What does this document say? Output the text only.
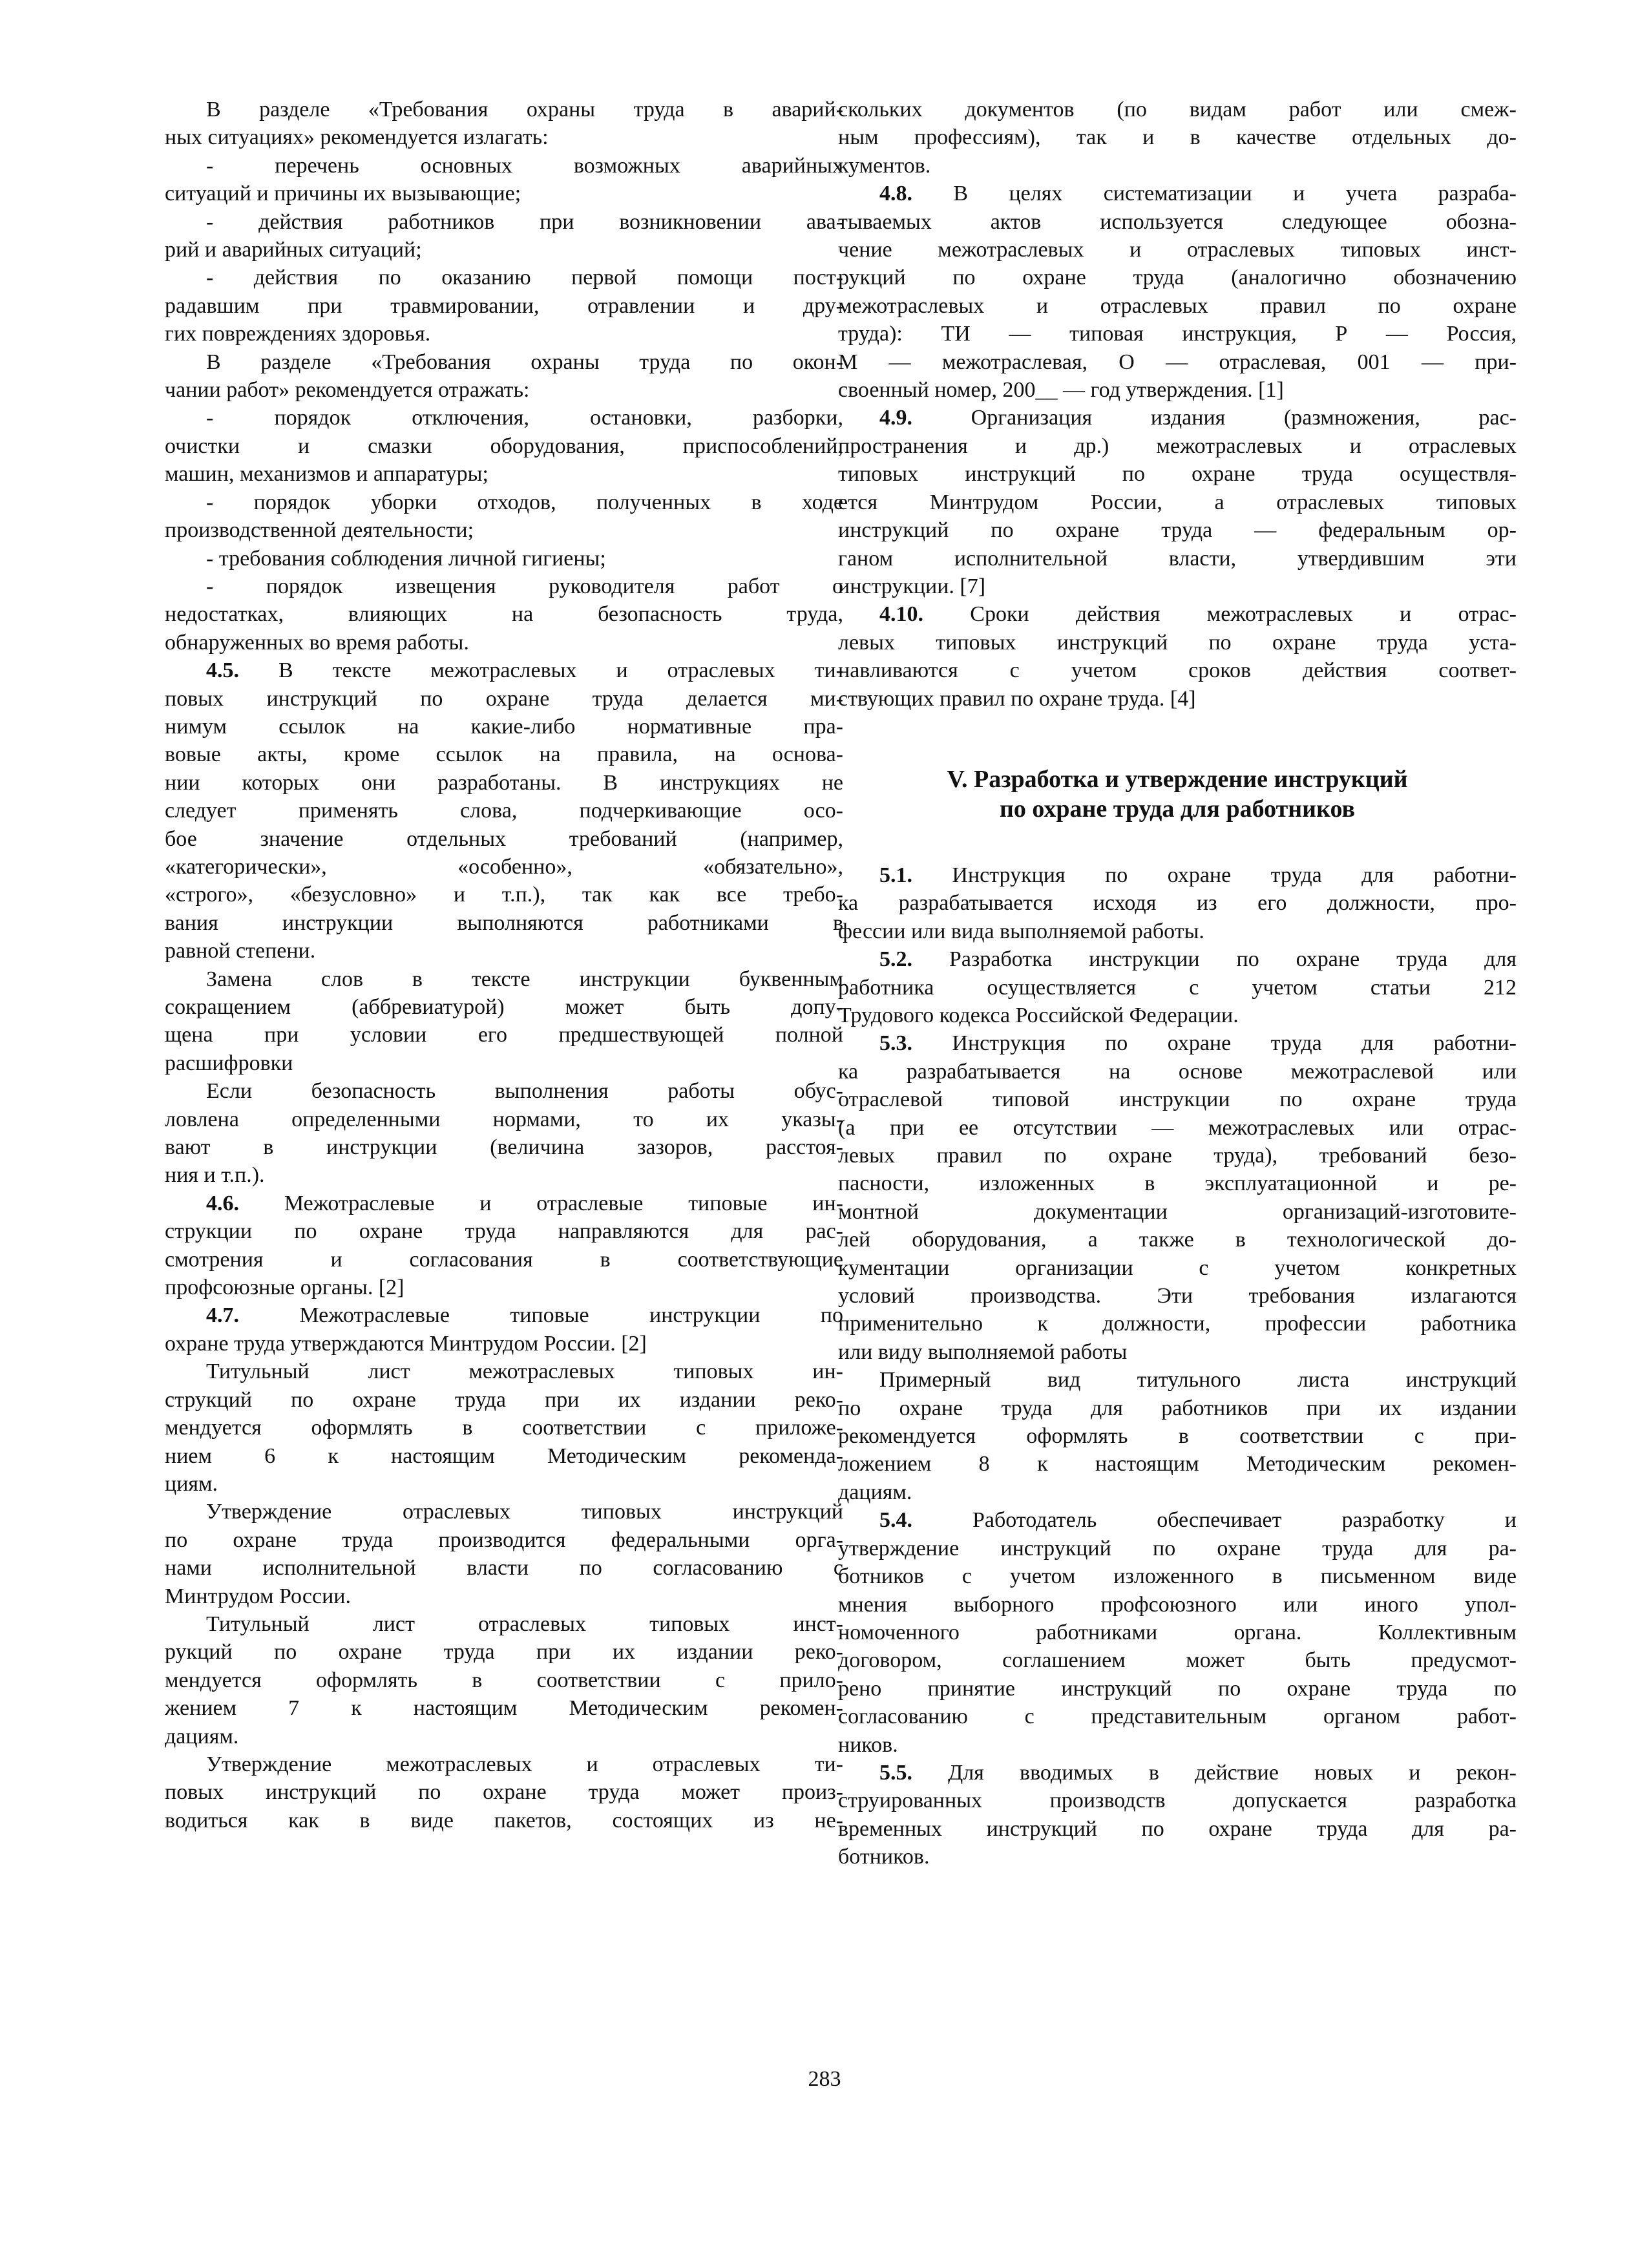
В разделе «Требования охраны труда в аварий-
ных ситуациях» рекомендуется излагать:

- перечень основных возможных аварийных
ситуаций и причины их вызывающие;

- действия работников при возникновении ава-
рий и аварийных ситуаций;

- действия по оказанию первой помощи пост-
радавшим при травмировании, отравлении и дру-
гих повреждениях здоровья.

В разделе «Требования охраны труда по окон-
чании работ» рекомендуется отражать:

- порядок отключения, остановки, разборки,
очистки и смазки оборудования, приспособлений,
машин, механизмов и аппаратуры;

- порядок уборки отходов, полученных в ходе
производственной деятельности;

- требования соблюдения личной гигиены;

- порядок извещения руководителя работ о
недостатках, влияющих на безопасность труда,
обнаруженных во время работы.

4.5. В тексте межотраслевых и отраслевых ти-
повых инструкций по охране труда делается ми-
нимум ссылок на какие-либо нормативные пра-
вовые акты, кроме ссылок на правила, на основа-
нии которых они разработаны. В инструкциях не
следует применять слова, подчеркивающие осо-
бое значение отдельных требований (например,
«категорически», «особенно», «обязательно»,
«строго», «безусловно» и т.п.), так как все требо-
вания инструкции выполняются работниками в
равной степени.

Замена слов в тексте инструкции буквенным
сокращением (аббревиатурой) может быть допу-
щена при условии его предшествующей полной
расшифровки

Если безопасность выполнения работы обус-
ловлена определенными нормами, то их указы-
вают в инструкции (величина зазоров, расстоя-
ния и т.п.).

4.6. Межотраслевые и отраслевые типовые ин-
струкции по охране труда направляются для рас-
смотрения и согласования в соответствующие
профсоюзные органы. [2]

4.7. Межотраслевые типовые инструкции по
охране труда утверждаются Минтрудом России. [2]

Титульный лист межотраслевых типовых ин-
струкций по охране труда при их издании реко-
мендуется оформлять в соответствии с приложе-
нием 6 к настоящим Методическим рекоменда-
циям.

Утверждение отраслевых типовых инструкций
по охране труда производится федеральными орга-
нами исполнительной власти по согласованию с
Минтрудом России.

Титульный лист отраслевых типовых инст-
рукций по охране труда при их издании реко-
мендуется оформлять в соответствии с прило-
жением 7 к настоящим Методическим рекомен-
дациям.

Утверждение межотраслевых и отраслевых ти-
повых инструкций по охране труда может произ-
водиться как в виде пакетов, состоящих из не-

скольких документов (по видам работ или смеж-
ным профессиям), так и в качестве отдельных до-
кументов.

4.8. В целях систематизации и учета разраба-
тываемых актов используется следующее обозна-
чение межотраслевых и отраслевых типовых инст-
рукций по охране труда (аналогично обозначению
межотраслевых и отраслевых правил по охране
труда): ТИ — типовая инструкция, Р — Россия,
М — межотраслевая, О — отраслевая, 001 — при-
своенный номер, 200__ — год утверждения. [1]

4.9. Организация издания (размножения, рас-
пространения и др.) межотраслевых и отраслевых
типовых инструкций по охране труда осуществля-
ется Минтрудом России, а отраслевых типовых
инструкций по охране труда — федеральным ор-
ганом исполнительной власти, утвердившим эти
инструкции. [7]

4.10. Сроки действия межотраслевых и отрас-
левых типовых инструкций по охране труда уста-
навливаются с учетом сроков действия соответ-
ствующих правил по охране труда. [4]

V. Разработка и утверждение инструкций
по охране труда для работников

5.1. Инструкция по охране труда для работни-
ка разрабатывается исходя из его должности, про-
фессии или вида выполняемой работы.

5.2. Разработка инструкции по охране труда для
работника осуществляется с учетом статьи 212
Трудового кодекса Российской Федерации.

5.3. Инструкция по охране труда для работни-
ка разрабатывается на основе межотраслевой или
отраслевой типовой инструкции по охране труда
(а при ее отсутствии — межотраслевых или отрас-
левых правил по охране труда), требований безо-
пасности, изложенных в эксплуатационной и ре-
монтной документации организаций-изготовите-
лей оборудования, а также в технологической до-
кументации организации с учетом конкретных
условий производства. Эти требования излагаются
применительно к должности, профессии работника
или виду выполняемой работы

Примерный вид титульного листа инструкций
по охране труда для работников при их издании
рекомендуется оформлять в соответствии с при-
ложением 8 к настоящим Методическим рекомен-
дациям.

5.4. Работодатель обеспечивает разработку и
утверждение инструкций по охране труда для ра-
ботников с учетом изложенного в письменном виде
мнения выборного профсоюзного или иного упол-
номоченного работниками органа. Коллективным
договором, соглашением может быть предусмот-
рено принятие инструкций по охране труда по
согласованию с представительным органом работ-
ников.

5.5. Для вводимых в действие новых и рекон-
струированных производств допускается разработка
временных инструкций по охране труда для ра-
ботников.

283
